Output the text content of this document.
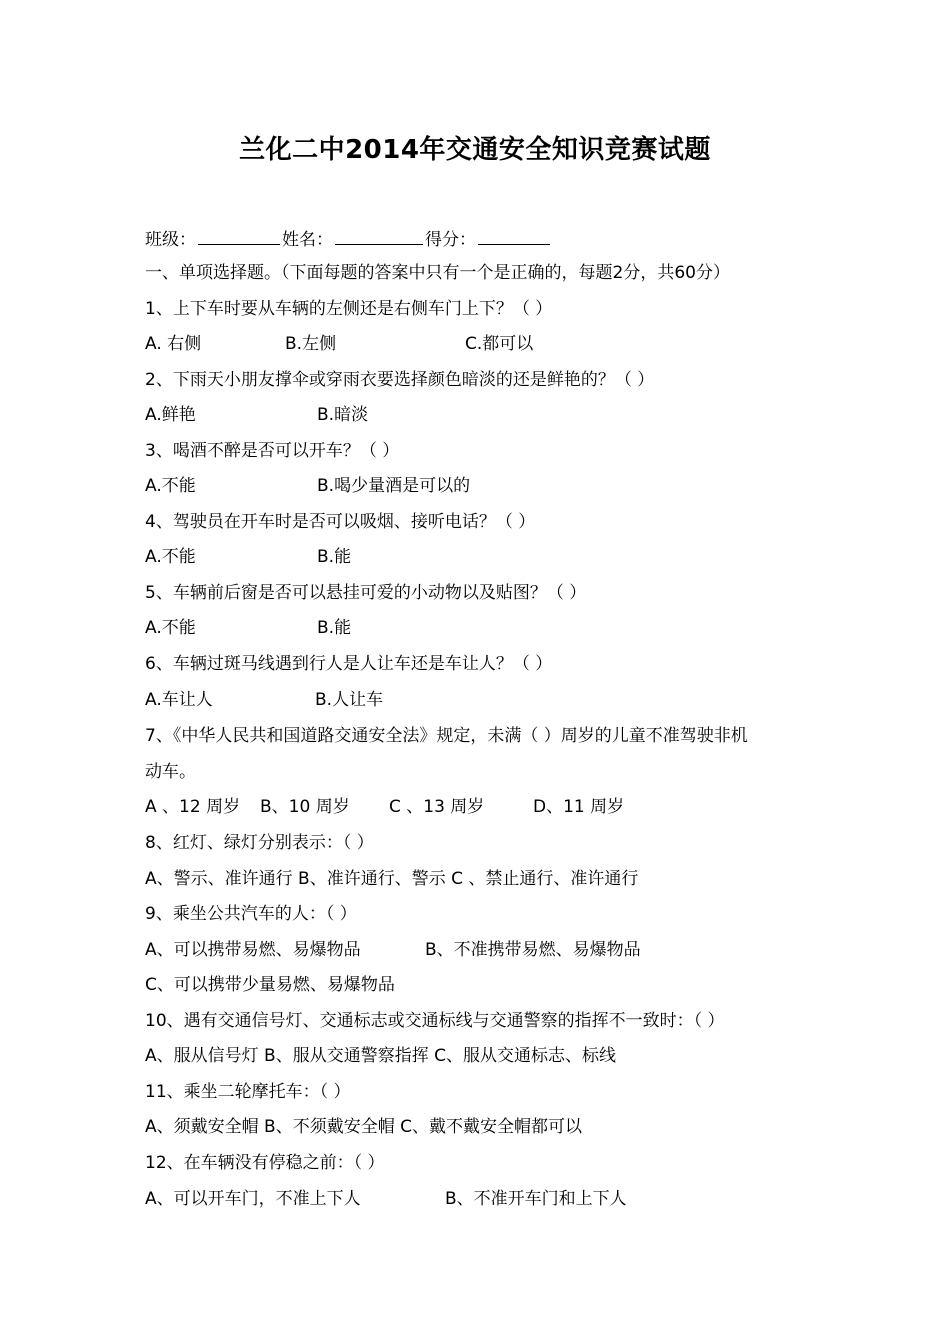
兰化二中2014年交通安全知识竞赛试题
班级：	姓名：	得分：
一、单项选择题。（下面每题的答案中只有一个是正确的，每题2分，共60分）
1、上下车时要从车辆的左侧还是右侧车门上下？（ ）
A. 右侧	B.左侧	C.都可以
2、下雨天小朋友撑伞或穿雨衣要选择颜色暗淡的还是鲜艳的？（ ）
A.鲜艳	B.暗淡
3、喝酒不醉是否可以开车？（ ）
A.不能	B.喝少量酒是可以的
4、驾驶员在开车时是否可以吸烟、接听电话？（ ）
A.不能	B.能
5、车辆前后窗是否可以悬挂可爱的小动物以及贴图？（ ）
A.不能	B.能
6、车辆过斑马线遇到行人是人让车还是车让人？（ ）
A.车让人	B.人让车
7、《中华人民共和国道路交通安全法》规定，未满（ ）周岁的儿童不准驾驶非机
动车。
A 、12 周岁 B、10 周岁 C 、13 周岁	D、11 周岁
8、红灯、绿灯分别表示：（ ）
A、警示、准许通行 B、准许通行、警示 C 、禁止通行、准许通行
9、乘坐公共汽车的人：（ ）
A、可以携带易燃、易爆物品	B、不准携带易燃、易爆物品
C、可以携带少量易燃、易爆物品
10、遇有交通信号灯、交通标志或交通标线与交通警察的指挥不一致时：（ ）
A、服从信号灯 B、服从交通警察指挥 C、服从交通标志、标线
11、乘坐二轮摩托车：（ ）
A、须戴安全帽 B、不须戴安全帽 C、戴不戴安全帽都可以
12、在车辆没有停稳之前：（ ）
A、可以开车门，不准上下人	B、不准开车门和上下人
